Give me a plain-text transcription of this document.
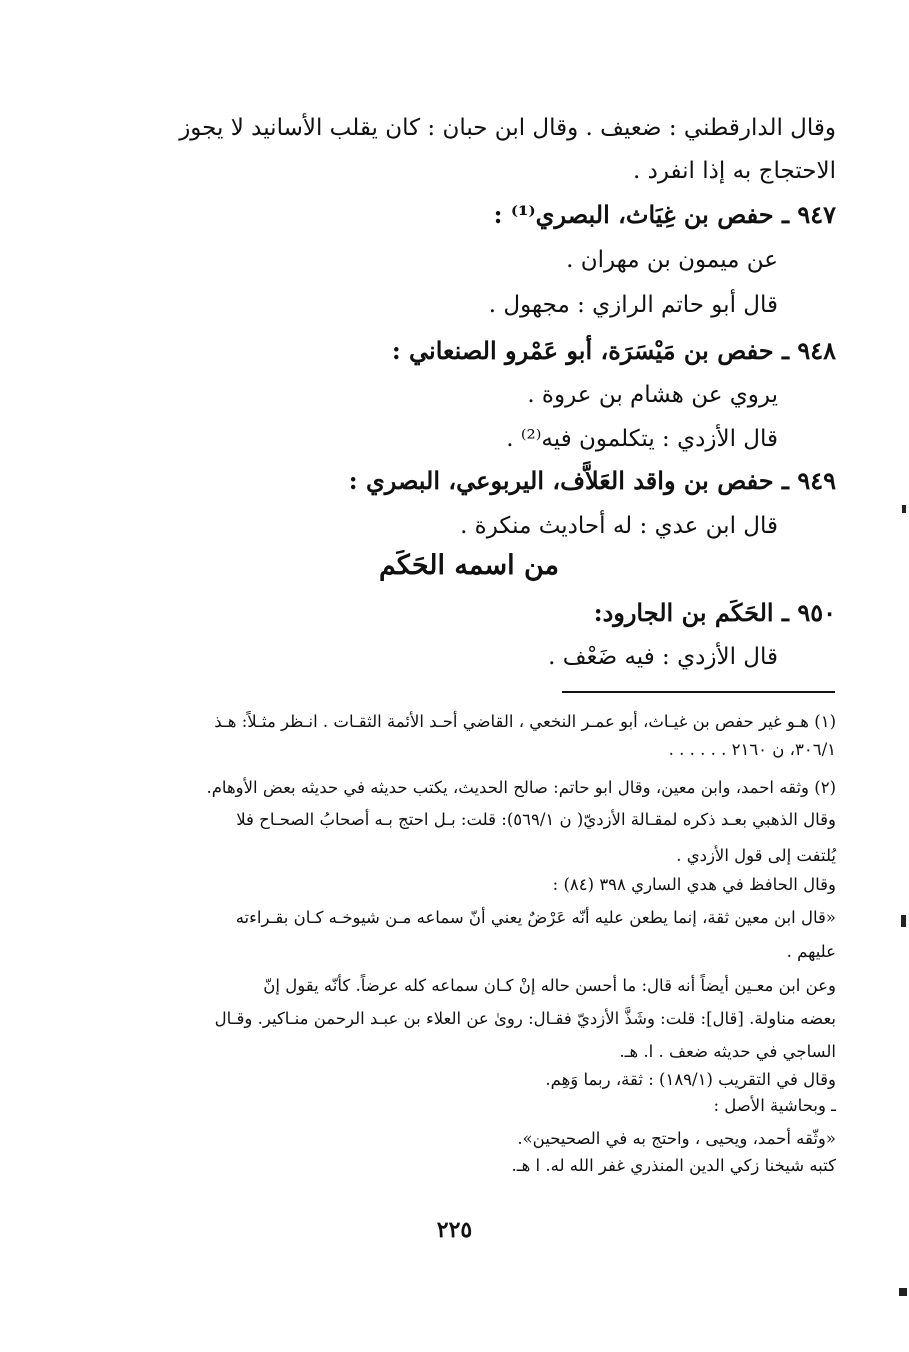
وقال الدارقطني : ضعيف . وقال ابن حبان : كان يقلب الأسانيد لا يجوز
الاحتجاج به إذا انفرد .
٩٤٧ ـ حفص بن غِيَاث، البصري⁽¹⁾ :
عن ميمون بن مهران .
قال أبو حاتم الرازي : مجهول .
٩٤٨ ـ حفص بن مَيْسَرَة، أبو عَمْرو الصنعاني :
يروي عن هشام بن عروة .
قال الأزدي : يتكلمون فيه⁽²⁾ .
٩٤٩ ـ حفص بن واقد العَلاَّف، اليربوعي، البصري :
قال ابن عدي : له أحاديث منكرة .
من اسمه الحَكَم
٩٥٠ ـ الحَكَم بن الجارود:
قال الأزدي : فيه ضَعْف .
(١) هـو غير حفص بن غيـاث، أبو عمـر النخعي ، القاضي أحـد الأئمة الثقـات . انـظر مثـلاً: هـذ
٣٠٦/١، ن ٢١٦٠ . . . . . .
(٢) وثقه احمد، وابن معين، وقال ابو حاتم: صالح الحديث، يكتب حديثه في حديثه بعض الأوهام.
وقال الذهبي بعـد ذكره لمقـالة الأزديّ( ن ٥٦٩/١): قلت: بـل احتج بـه أصحابُ الصحـاح فلا
يُلتفت إلى قول الأزدي .
وقال الحافظ في هدي الساري ٣٩٨ (٨٤) :
«قال ابن معين ثقة، إنما يطعن عليه أنّه عَرْضٌ يعني أنّ سماعه مـن شيوخـه كـان بقـراءته
عليهم .
وعن ابن معـين أيضاً أنه قال: ما أحسن حاله إنْ كـان سماعه كله عرضاً. كأنّه يقول إنّ
بعضه مناولة. [قال]: قلت: وشَذَّ الأزديّ فقـال: روىٰ عن العلاء بن عبـد الرحمن منـاكير. وقـال
الساجي في حديثه ضعف . ا. هـ.
وقال في التقريب (١٨٩/١) : ثقة، ربما وَهِم.
ـ وبحاشية الأصل :
«وثّقه أحمد، ويحيى ، واحتج به في الصحيحين».
كتبه شيخنا زكي الدين المنذري غفر الله له. ا هـ.
٢٢٥
